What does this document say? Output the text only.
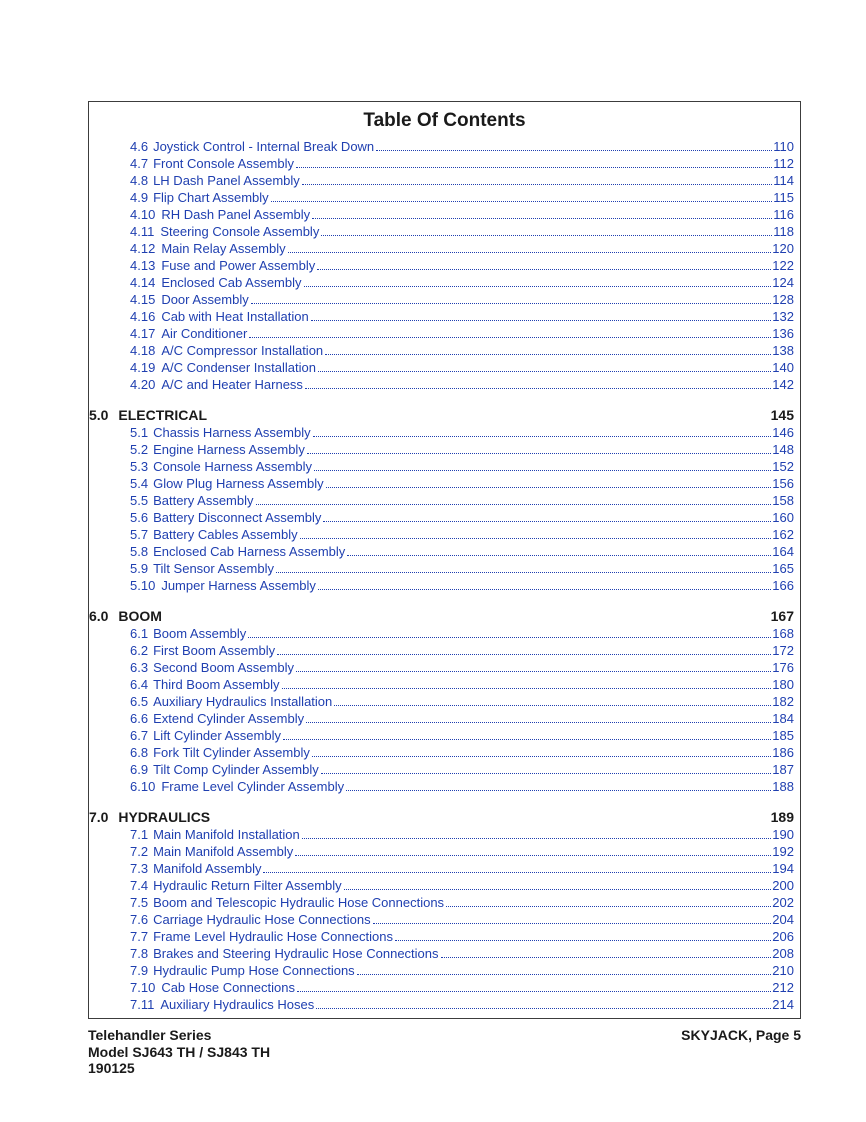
Table Of Contents
4.6 Joystick Control - Internal Break Down	110
4.7 Front Console Assembly	112
4.8 LH Dash Panel Assembly	114
4.9 Flip Chart Assembly	115
4.10 RH Dash Panel Assembly	116
4.11 Steering Console Assembly	118
4.12 Main Relay Assembly	120
4.13 Fuse and Power Assembly	122
4.14 Enclosed Cab Assembly	124
4.15 Door Assembly	128
4.16 Cab with Heat Installation	132
4.17 Air Conditioner	136
4.18 A/C Compressor Installation	138
4.19 A/C Condenser Installation	140
4.20 A/C and Heater Harness	142
5.0 ELECTRICAL	145
5.1 Chassis Harness Assembly	146
5.2 Engine Harness Assembly	148
5.3 Console Harness Assembly	152
5.4 Glow Plug Harness Assembly	156
5.5 Battery Assembly	158
5.6 Battery Disconnect Assembly	160
5.7 Battery Cables Assembly	162
5.8 Enclosed Cab Harness Assembly	164
5.9 Tilt Sensor Assembly	165
5.10 Jumper Harness Assembly	166
6.0 BOOM	167
6.1 Boom Assembly	168
6.2 First Boom Assembly	172
6.3 Second Boom Assembly	176
6.4 Third Boom Assembly	180
6.5 Auxiliary Hydraulics Installation	182
6.6 Extend Cylinder Assembly	184
6.7 Lift Cylinder Assembly	185
6.8 Fork Tilt Cylinder Assembly	186
6.9 Tilt Comp Cylinder Assembly	187
6.10 Frame Level Cylinder Assembly	188
7.0 HYDRAULICS	189
7.1 Main Manifold Installation	190
7.2 Main Manifold Assembly	192
7.3 Manifold Assembly	194
7.4 Hydraulic Return Filter Assembly	200
7.5 Boom and Telescopic Hydraulic Hose Connections	202
7.6 Carriage Hydraulic Hose Connections	204
7.7 Frame Level Hydraulic Hose Connections	206
7.8 Brakes and Steering Hydraulic Hose Connections	208
7.9 Hydraulic Pump Hose Connections	210
7.10 Cab Hose Connections	212
7.11 Auxiliary Hydraulics Hoses	214
Telehandler Series
Model SJ643 TH / SJ843 TH
190125
SKYJACK, Page 5
